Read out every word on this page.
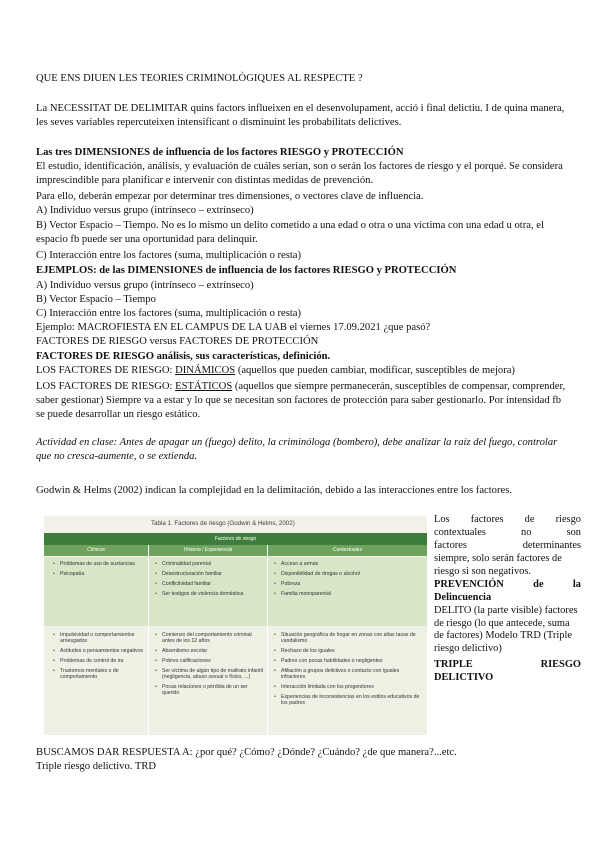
QUE ENS DIUEN LES TEORIES CRIMINOLÒGIQUES AL RESPECTE ?
La NECESSITAT DE DELIMITAR quins factors influeixen en el desenvolupament, acció i final delictiu. I de quina manera, les seves variables repercuteixen intensificant o disminuint les probabilitats delictives.
Las tres DIMENSIONES de influencia de los factores RIESGO y PROTECCIÓN
El estudio, identificación, análisis, y evaluación de cuáles serían, son o serán los factores de riesgo y el porqué. Se considera imprescindible para planificar e intervenir con distintas medidas de prevención.
Para ello, deberán empezar por determinar tres dimensiones, o vectores clave de influencia.
A) Individuo versus grupo (intrínseco – extrínseco)
B) Vector Espacio – Tiempo. No es lo mismo un delito cometido a una edad o otra o una víctima con una edad u otra, el espacio fb puede ser una oportunidad para delinquir.
C) Interacción entre los factores (suma, multiplicación o resta)
EJEMPLOS: de las DIMENSIONES de influencia de los factores RIESGO y PROTECCIÓN
A) Individuo versus grupo (intrínseco – extrínseco)
B) Vector Espacio – Tiempo
C) Interacción entre los factores (suma, multiplicación o resta)
Ejemplo: MACROFIESTA EN EL CAMPUS DE LA UAB el viernes 17.09.2021 ¿que pasó?
FACTORES DE RIESGO versus FACTORES DE PROTECCIÓN
FACTORES DE RIESGO análisis, sus características, definición.
LOS FACTORES DE RIESGO: DINÁMICOS (aquellos que pueden cambiar, modificar, susceptibles de mejora)
LOS FACTORES DE RIESGO: ESTÁTICOS (aquellos que siempre permanecerán, susceptibles de compensar, comprender, saber gestionar) Siempre va a estar y lo que se necesitan son factores de protección para saber gestionarlo. Por intensidad fb se puede desarrollar un riesgo estático.
Actividad en clase: Antes de apagar un (fuego) delito, la criminóloga (bombero), debe analizar la raíz del fuego, controlar que no cresca-aumente, o se extienda.
Godwin & Helms (2002) indican la complejidad en la delimitación, debido a las interacciones entre los factores.
Tabla 1. Factores de riesgo (Godwin & Helms, 2002)
Factores de riesgo
Clínicos	Historia / Experiencial	Contextuales
• Problemas de uso de sustancias
• Psicopatía
• Criminalidad parental
• Desestructuración familiar
• Conflictividad familiar
• Ser testigos de violencia doméstica
• Acceso a armas
• Disponibilidad de drogas o alcohol
• Pobreza
• Familia monoparental
• Impulsividad o comportamientos arriesgados
• Actitudes o pensamientos negativos
• Problemas de control de ira
• Trastornos mentales o de comportamiento
• Comienzo del comportamiento criminal antes de los 12 años
• Absentismo escolar
• Pobres calificaciones
• Ser víctima de algún tipo de maltrato infantil (negligencia, abuso sexual o físico, ...)
• Pocas relaciones o pérdida de un ser querido
• Situación geográfica de hogar en zonas con altas tasas de vandalismo
• Rechazo de los iguales
• Padres con pocas habilidades o negligentes
• Afiliación a grupos delictivos o contacto con iguales infractores
• Interacción limitada con los progenitores
• Experiencias de inconsistencias en los estilos educativos de los padres
Los factores de riesgo
contextuales no son
factores determinantes
siempre, solo serán factores de riesgo si son negativos.
PREVENCIÓN de la
Delincuencia
DELITO (la parte visible) factores de riesgo (lo que antecede, suma de factores) Modelo TRD (Triple riesgo delictivo)
TRIPLE RIESGO
DELICTIVO
BUSCAMOS DAR RESPUESTA A: ¿por qué? ¿Cómo? ¿Dónde? ¿Cuándo? ¿de que manera?...etc.
Triple riesgo delictivo. TRD
